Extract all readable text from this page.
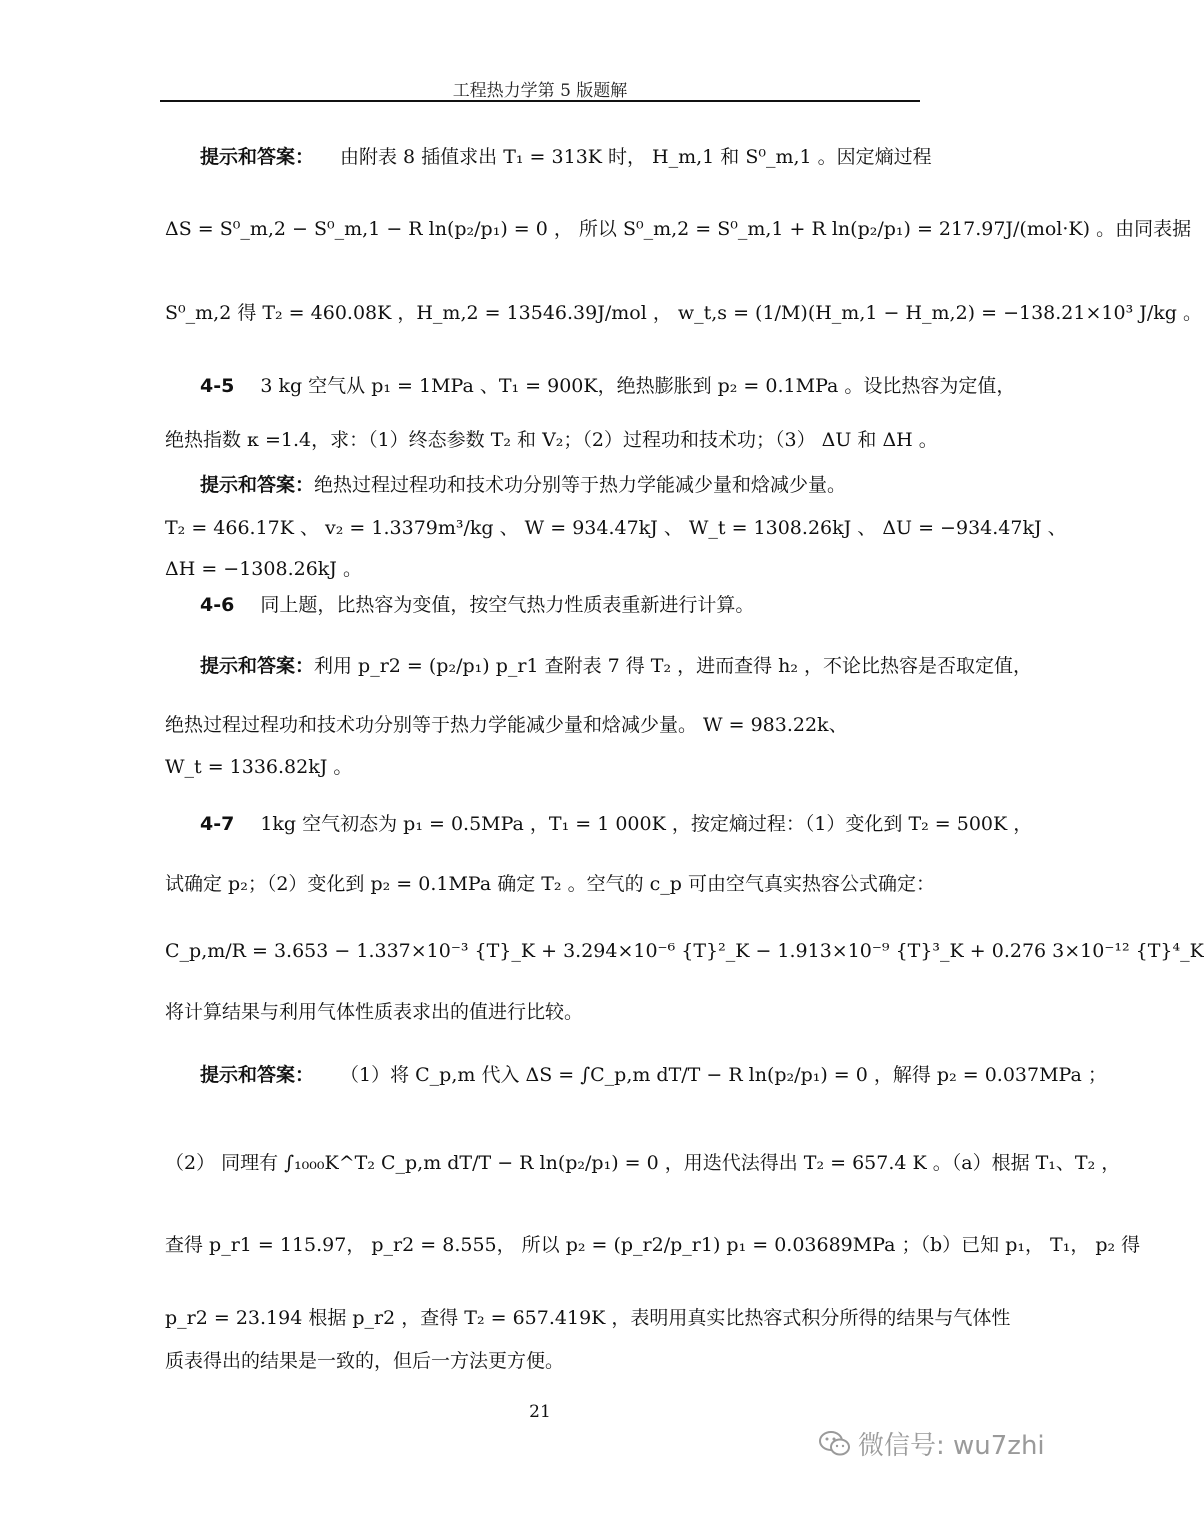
工程热力学第 5 版题解
提示和答案： 由附表 8 插值求出 T₁ = 313K 时， H_m,1 和 S⁰_m,1 。因定熵过程
ΔS = S⁰_m,2 − S⁰_m,1 − R ln(p₂/p₁) = 0 ， 所以 S⁰_m,2 = S⁰_m,1 + R ln(p₂/p₁) = 217.97J/(mol·K) 。由同表据
S⁰_m,2 得 T₂ = 460.08K ，H_m,2 = 13546.39J/mol ， w_t,s = (1/M)(H_m,1 − H_m,2) = −138.21×10³ J/kg 。
4-5 3 kg 空气从 p₁ = 1MPa 、T₁ = 900K，绝热膨胀到 p₂ = 0.1MPa 。设比热容为定值，
绝热指数 κ =1.4，求：（1）终态参数 T₂ 和 V₂；（2）过程功和技术功；（3） ΔU 和 ΔH 。
提示和答案：绝热过程过程功和技术功分别等于热力学能减少量和焓减少量。
T₂ = 466.17K 、 v₂ = 1.3379m³/kg 、 W = 934.47kJ 、 W_t = 1308.26kJ 、 ΔU = −934.47kJ 、
ΔH = −1308.26kJ 。
4-6 同上题，比热容为变值，按空气热力性质表重新进行计算。
提示和答案：利用 p_r2 = (p₂/p₁) p_r1 查附表 7 得 T₂ ，进而查得 h₂ ，不论比热容是否取定值，
绝热过程过程功和技术功分别等于热力学能减少量和焓减少量。 W = 983.22k、
W_t = 1336.82kJ 。
4-7 1kg 空气初态为 p₁ = 0.5MPa ，T₁ = 1 000K ，按定熵过程：（1）变化到 T₂ = 500K ，
试确定 p₂；（2）变化到 p₂ = 0.1MPa 确定 T₂ 。空气的 c_p 可由空气真实热容公式确定：
C_p,m/R = 3.653 − 1.337×10⁻³ {T}_K + 3.294×10⁻⁶ {T}²_K − 1.913×10⁻⁹ {T}³_K + 0.276 3×10⁻¹² {T}⁴_K
将计算结果与利用气体性质表求出的值进行比较。
提示和答案： （1）将 C_p,m 代入 ΔS = ∫C_p,m dT/T − R ln(p₂/p₁) = 0 ，解得 p₂ = 0.037MPa ；
（2） 同理有 ∫₁₀₀₀K^T₂ C_p,m dT/T − R ln(p₂/p₁) = 0 ，用迭代法得出 T₂ = 657.4 K 。（a）根据 T₁、T₂ ，
查得 p_r1 = 115.97， p_r2 = 8.555， 所以 p₂ = (p_r2/p_r1) p₁ = 0.03689MPa ；（b）已知 p₁， T₁， p₂ 得
p_r2 = 23.194 根据 p_r2 ，查得 T₂ = 657.419K ，表明用真实比热容式积分所得的结果与气体性
质表得出的结果是一致的，但后一方法更方便。
21
微信号: wu7zhi
